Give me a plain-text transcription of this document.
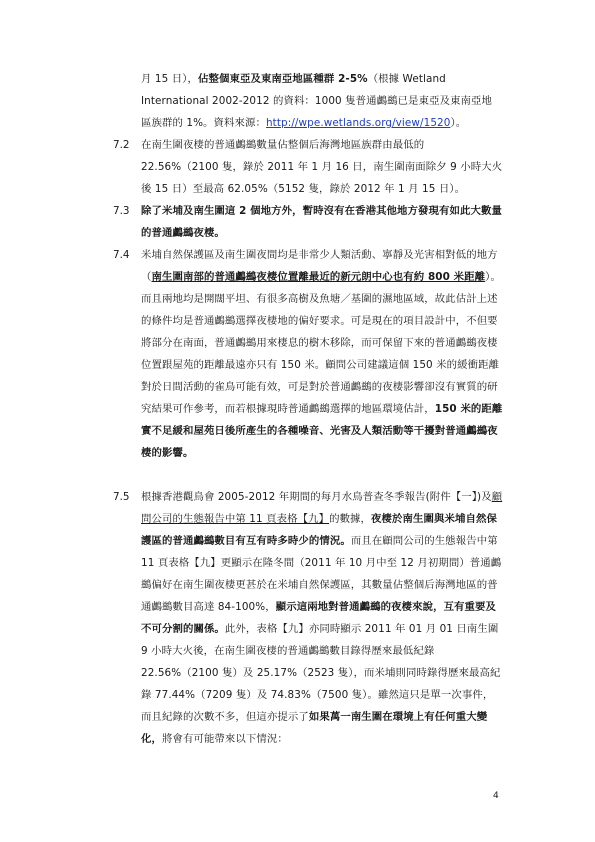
月 15 日），佔整個東亞及東南亞地區種群 2-5%（根據 Wetland International 2002-2012 的資料：1000 隻普通鸕鷀已是東亞及東南亞地區族群的 1%。資料來源：http://wpe.wetlands.org/view/1520）。
7.2 在南生圍夜棲的普通鸕鷀數量佔整個后海灣地區族群由最低的 22.56%（2100 隻，錄於 2011 年 1 月 16 日，南生圍南面除夕 9 小時大火後 15 日）至最高 62.05%（5152 隻，錄於 2012 年 1 月 15 日）。
7.3 除了米埔及南生圍這 2 個地方外，暫時沒有在香港其他地方發現有如此大數量的普通鸕鷀夜棲。
7.4 米埔自然保護區及南生圍夜間均是非常少人類活動、寧靜及光害相對低的地方（南生圍南部的普通鸕鷀夜棲位置離最近的新元朗中心也有約 800 米距離）。而且兩地均是開闊平坦、有很多高樹及魚塘／基圍的濕地區域，故此估計上述的條件均是普通鸕鷀選擇夜棲地的偏好要求。可是現在的項目設計中，不但要將部分在南面，普通鸕鷀用來棲息的樹木移除，而可保留下來的普通鸕鷀夜棲位置跟屋苑的距離最遠亦只有 150 米。顧問公司建議這個 150 米的緩衝距離對於日間活動的雀鳥可能有效，可是對於普通鸕鷀的夜棲影響卻沒有實質的研究結果可作參考，而若根據現時普通鸕鷀選擇的地區環境估計，150 米的距離實不足緩和屋苑日後所產生的各種噪音、光害及人類活動等干擾對普通鸕鷀夜棲的影響。
7.5 根據香港觀鳥會 2005-2012 年期間的每月水鳥普查冬季報告(附件【一】)及顧問公司的生態報告中第 11 頁表格【九】的數據，夜棲於南生圍與米埔自然保護區的普通鸕鷀數目有互有時多時少的情況。而且在顧問公司的生態報告中第 11 頁表格【九】更顯示在隆冬間（2011 年 10 月中至 12 月初期間）普通鸕鷀偏好在南生圍夜棲更甚於在米埔自然保護區，其數量佔整個后海灣地區的普通鸕鷀數目高達 84-100%，顯示這兩地對普通鸕鷀的夜棲來說，互有重要及不可分割的關係。此外，表格【九】亦同時顯示 2011 年 01 月 01 日南生圍 9 小時大火後，在南生圍夜棲的普通鸕鷀數目錄得歷來最低紀錄 22.56%（2100 隻）及 25.17%（2523 隻），而米埔則同時錄得歷來最高紀錄 77.44%（7209 隻）及 74.83%（7500 隻）。雖然這只是單一次事件，而且紀錄的次數不多，但這亦提示了如果萬一南生圍在環境上有任何重大變化，將會有可能帶來以下情況：
4
